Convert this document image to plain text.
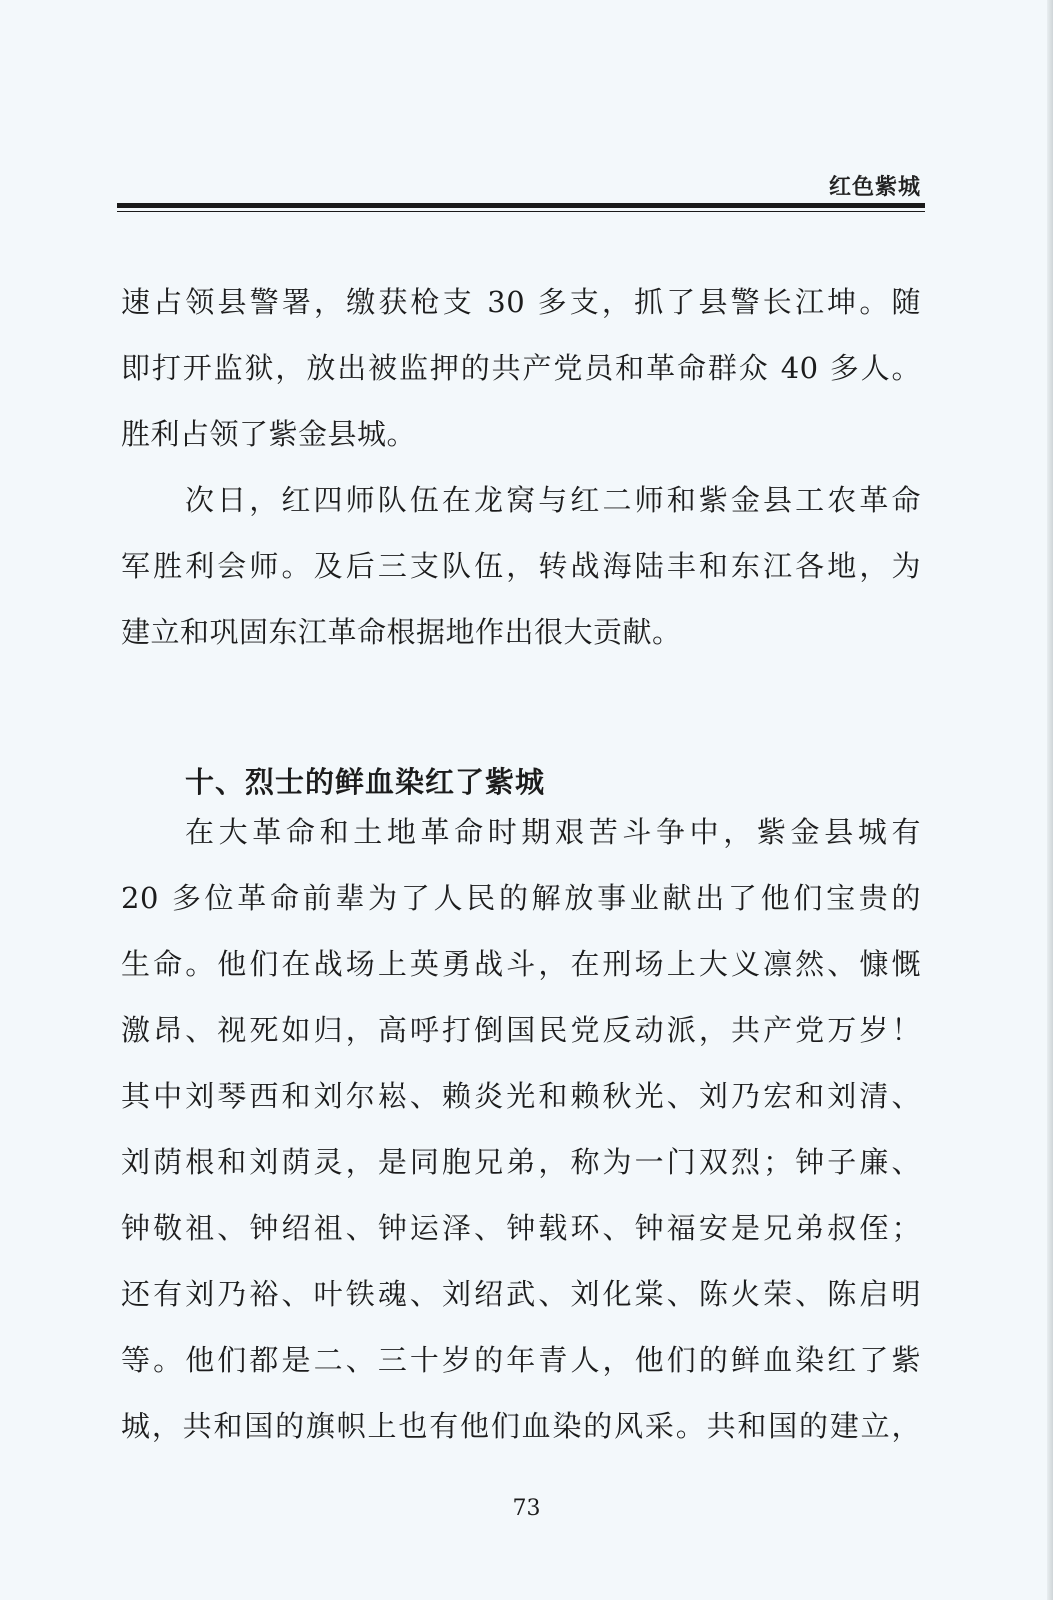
红色紫城
速占领县警署，缴获枪支 30 多支，抓了县警长江坤。随
即打开监狱，放出被监押的共产党员和革命群众 40 多人。
胜利占领了紫金县城。
次日，红四师队伍在龙窝与红二师和紫金县工农革命
军胜利会师。及后三支队伍，转战海陆丰和东江各地，为
建立和巩固东江革命根据地作出很大贡献。
十、烈士的鲜血染红了紫城
在大革命和土地革命时期艰苦斗争中，紫金县城有
20 多位革命前辈为了人民的解放事业献出了他们宝贵的
生命。他们在战场上英勇战斗，在刑场上大义凛然、慷慨
激昂、视死如归，高呼打倒国民党反动派，共产党万岁！
其中刘琴西和刘尔崧、赖炎光和赖秋光、刘乃宏和刘清、
刘荫根和刘荫灵，是同胞兄弟，称为一门双烈；钟子廉、
钟敬祖、钟绍祖、钟运泽、钟载环、钟福安是兄弟叔侄；
还有刘乃裕、叶铁魂、刘绍武、刘化棠、陈火荣、陈启明
等。他们都是二、三十岁的年青人，他们的鲜血染红了紫
城，共和国的旗帜上也有他们血染的风采。共和国的建立，
73
